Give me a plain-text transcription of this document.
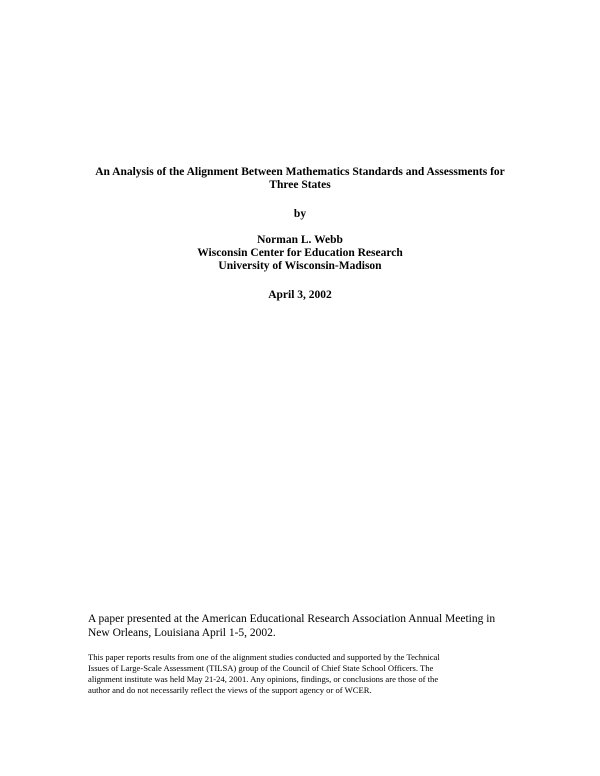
An Analysis of the Alignment Between Mathematics Standards and Assessments for
Three States
by
Norman L. Webb
Wisconsin Center for Education Research
University of Wisconsin-Madison
April 3, 2002
A paper presented at the American Educational Research Association Annual Meeting in
New Orleans, Louisiana April 1-5, 2002.
This paper reports results from one of the alignment studies conducted and supported by the Technical
Issues of Large-Scale Assessment (TILSA) group of the Council of Chief State School Officers. The
alignment institute was held May 21-24, 2001. Any opinions, findings, or conclusions are those of the
author and do not necessarily reflect the views of the support agency or of WCER.
